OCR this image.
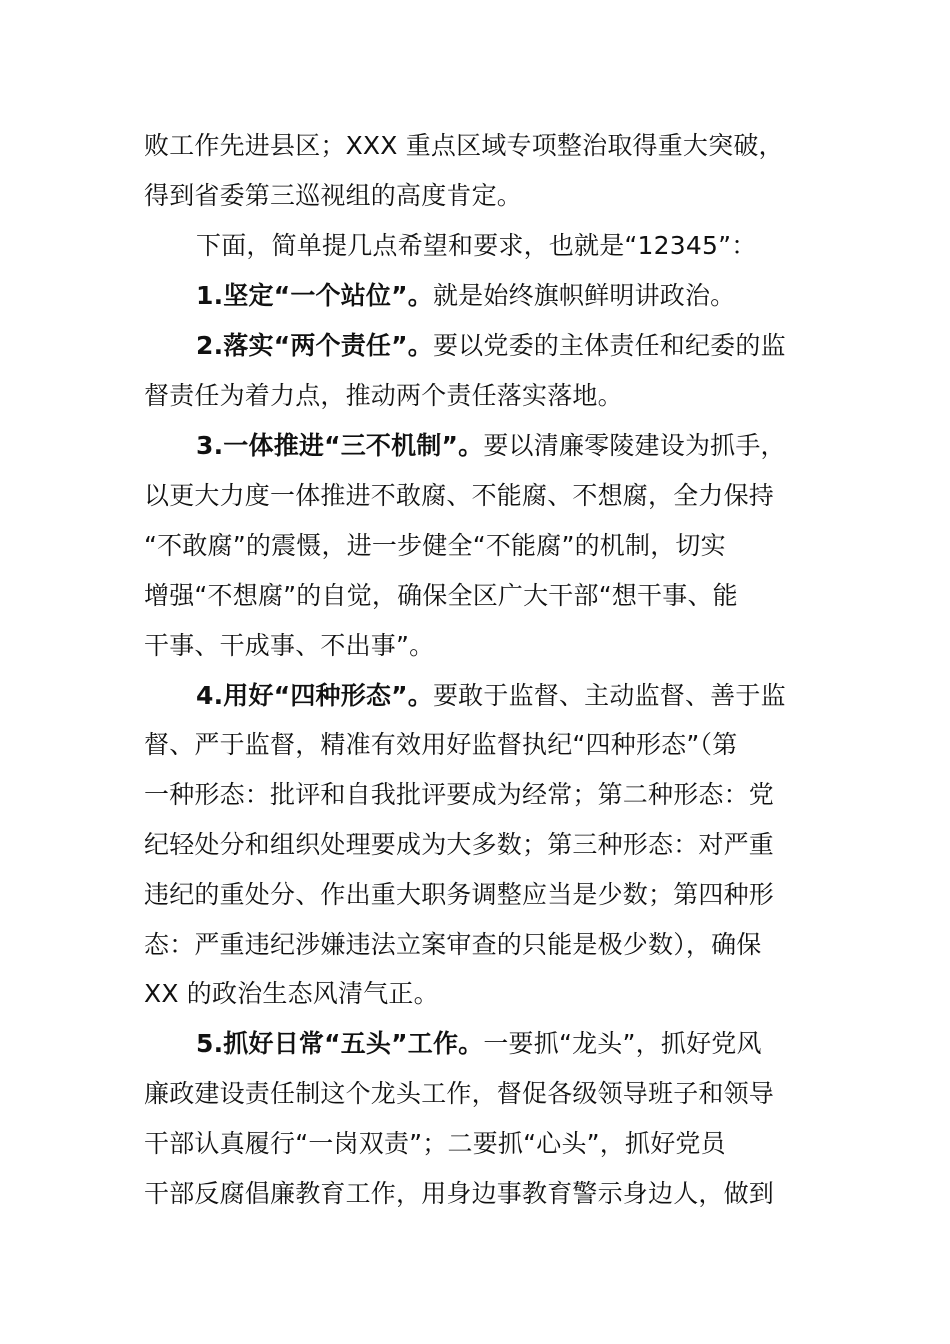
败工作先进县区；XXX 重点区域专项整治取得重大突破，
得到省委第三巡视组的高度肯定。
下面，简单提几点希望和要求，也就是“12345”：
1.坚定“一个站位”。就是始终旗帜鲜明讲政治。
2.落实“两个责任”。要以党委的主体责任和纪委的监
督责任为着力点，推动两个责任落实落地。
3.一体推进“三不机制”。要以清廉零陵建设为抓手，
以更大力度一体推进不敢腐、不能腐、不想腐，全力保持
“不敢腐”的震慑，进一步健全“不能腐”的机制，切实
增强“不想腐”的自觉，确保全区广大干部“想干事、能
干事、干成事、不出事”。
4.用好“四种形态”。要敢于监督、主动监督、善于监
督、严于监督，精准有效用好监督执纪“四种形态”（第
一种形态：批评和自我批评要成为经常；第二种形态：党
纪轻处分和组织处理要成为大多数；第三种形态：对严重
违纪的重处分、作出重大职务调整应当是少数；第四种形
态：严重违纪涉嫌违法立案审查的只能是极少数），确保
XX 的政治生态风清气正。
5.抓好日常“五头”工作。一要抓“龙头”，抓好党风
廉政建设责任制这个龙头工作，督促各级领导班子和领导
干部认真履行“一岗双责”；二要抓“心头”，抓好党员
干部反腐倡廉教育工作，用身边事教育警示身边人，做到
